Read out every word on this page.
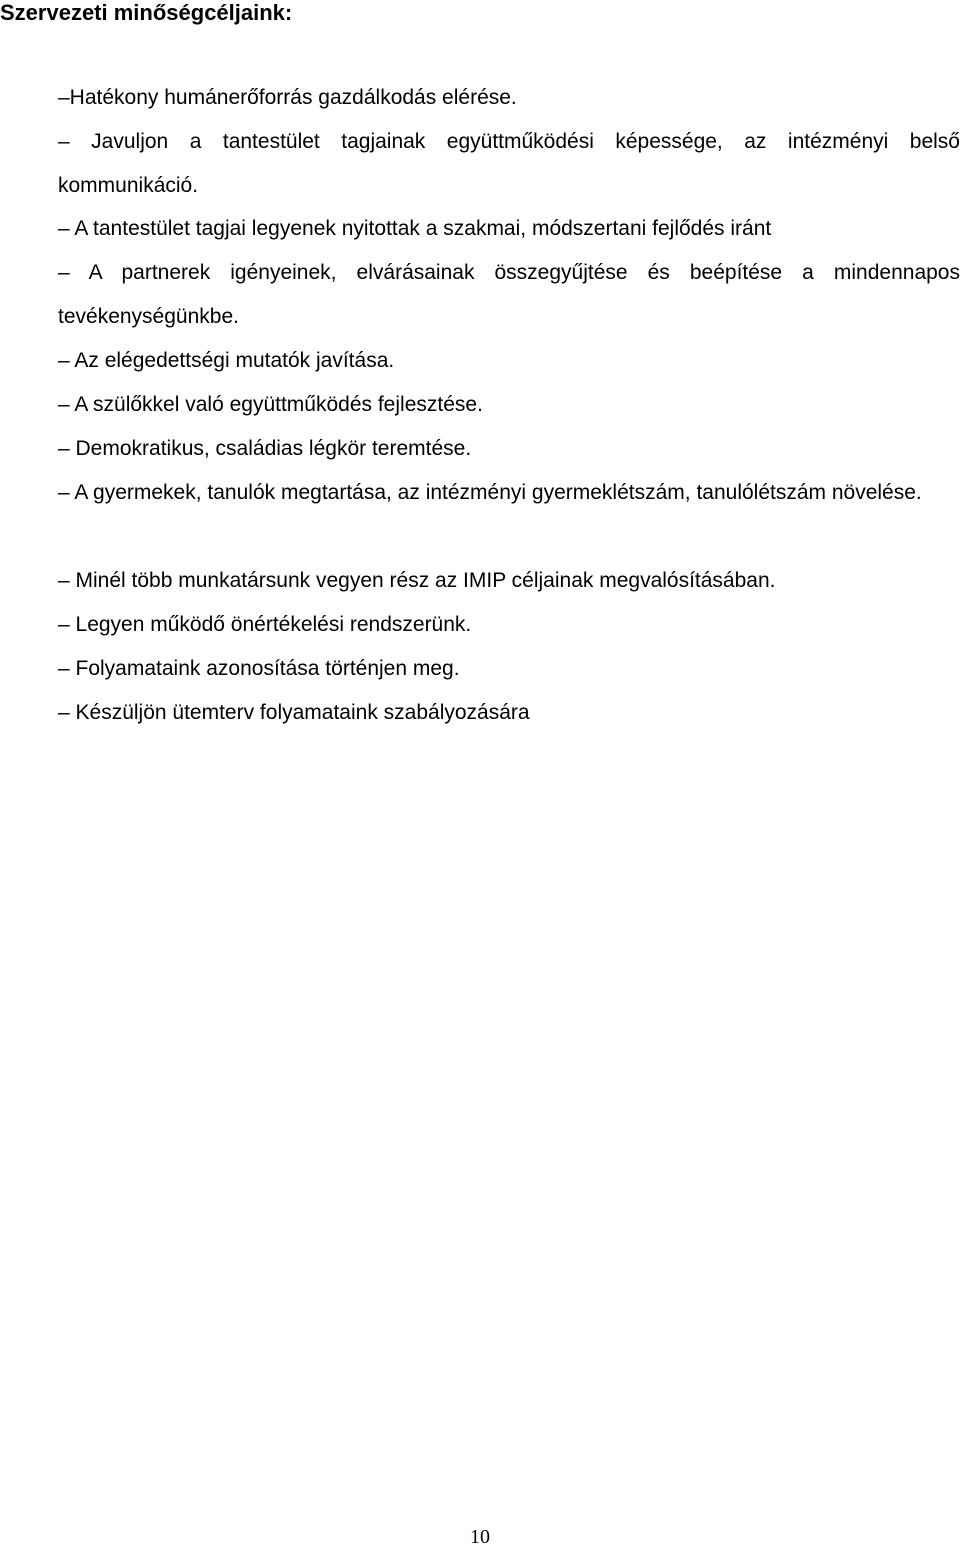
Szervezeti minőségcéljaink:
–Hatékony humánerőforrás gazdálkodás elérése.
– Javuljon a tantestület tagjainak együttműködési képessége, az intézményi belső kommunikáció.
– A tantestület tagjai legyenek nyitottak a szakmai, módszertani fejlődés iránt
– A partnerek igényeinek, elvárásainak összegyűjtése és beépítése a mindennapos tevékenységünkbe.
– Az elégedettségi mutatók javítása.
– A szülőkkel való együttműködés fejlesztése.
– Demokratikus, családias légkör teremtése.
– A gyermekek, tanulók megtartása, az intézményi gyermeklétszám, tanulólétszám növelése.
– Minél több munkatársunk vegyen rész az IMIP céljainak megvalósításában.
– Legyen működő önértékelési rendszerünk.
– Folyamataink azonosítása történjen meg.
– Készüljön ütemterv folyamataink szabályozására
10
